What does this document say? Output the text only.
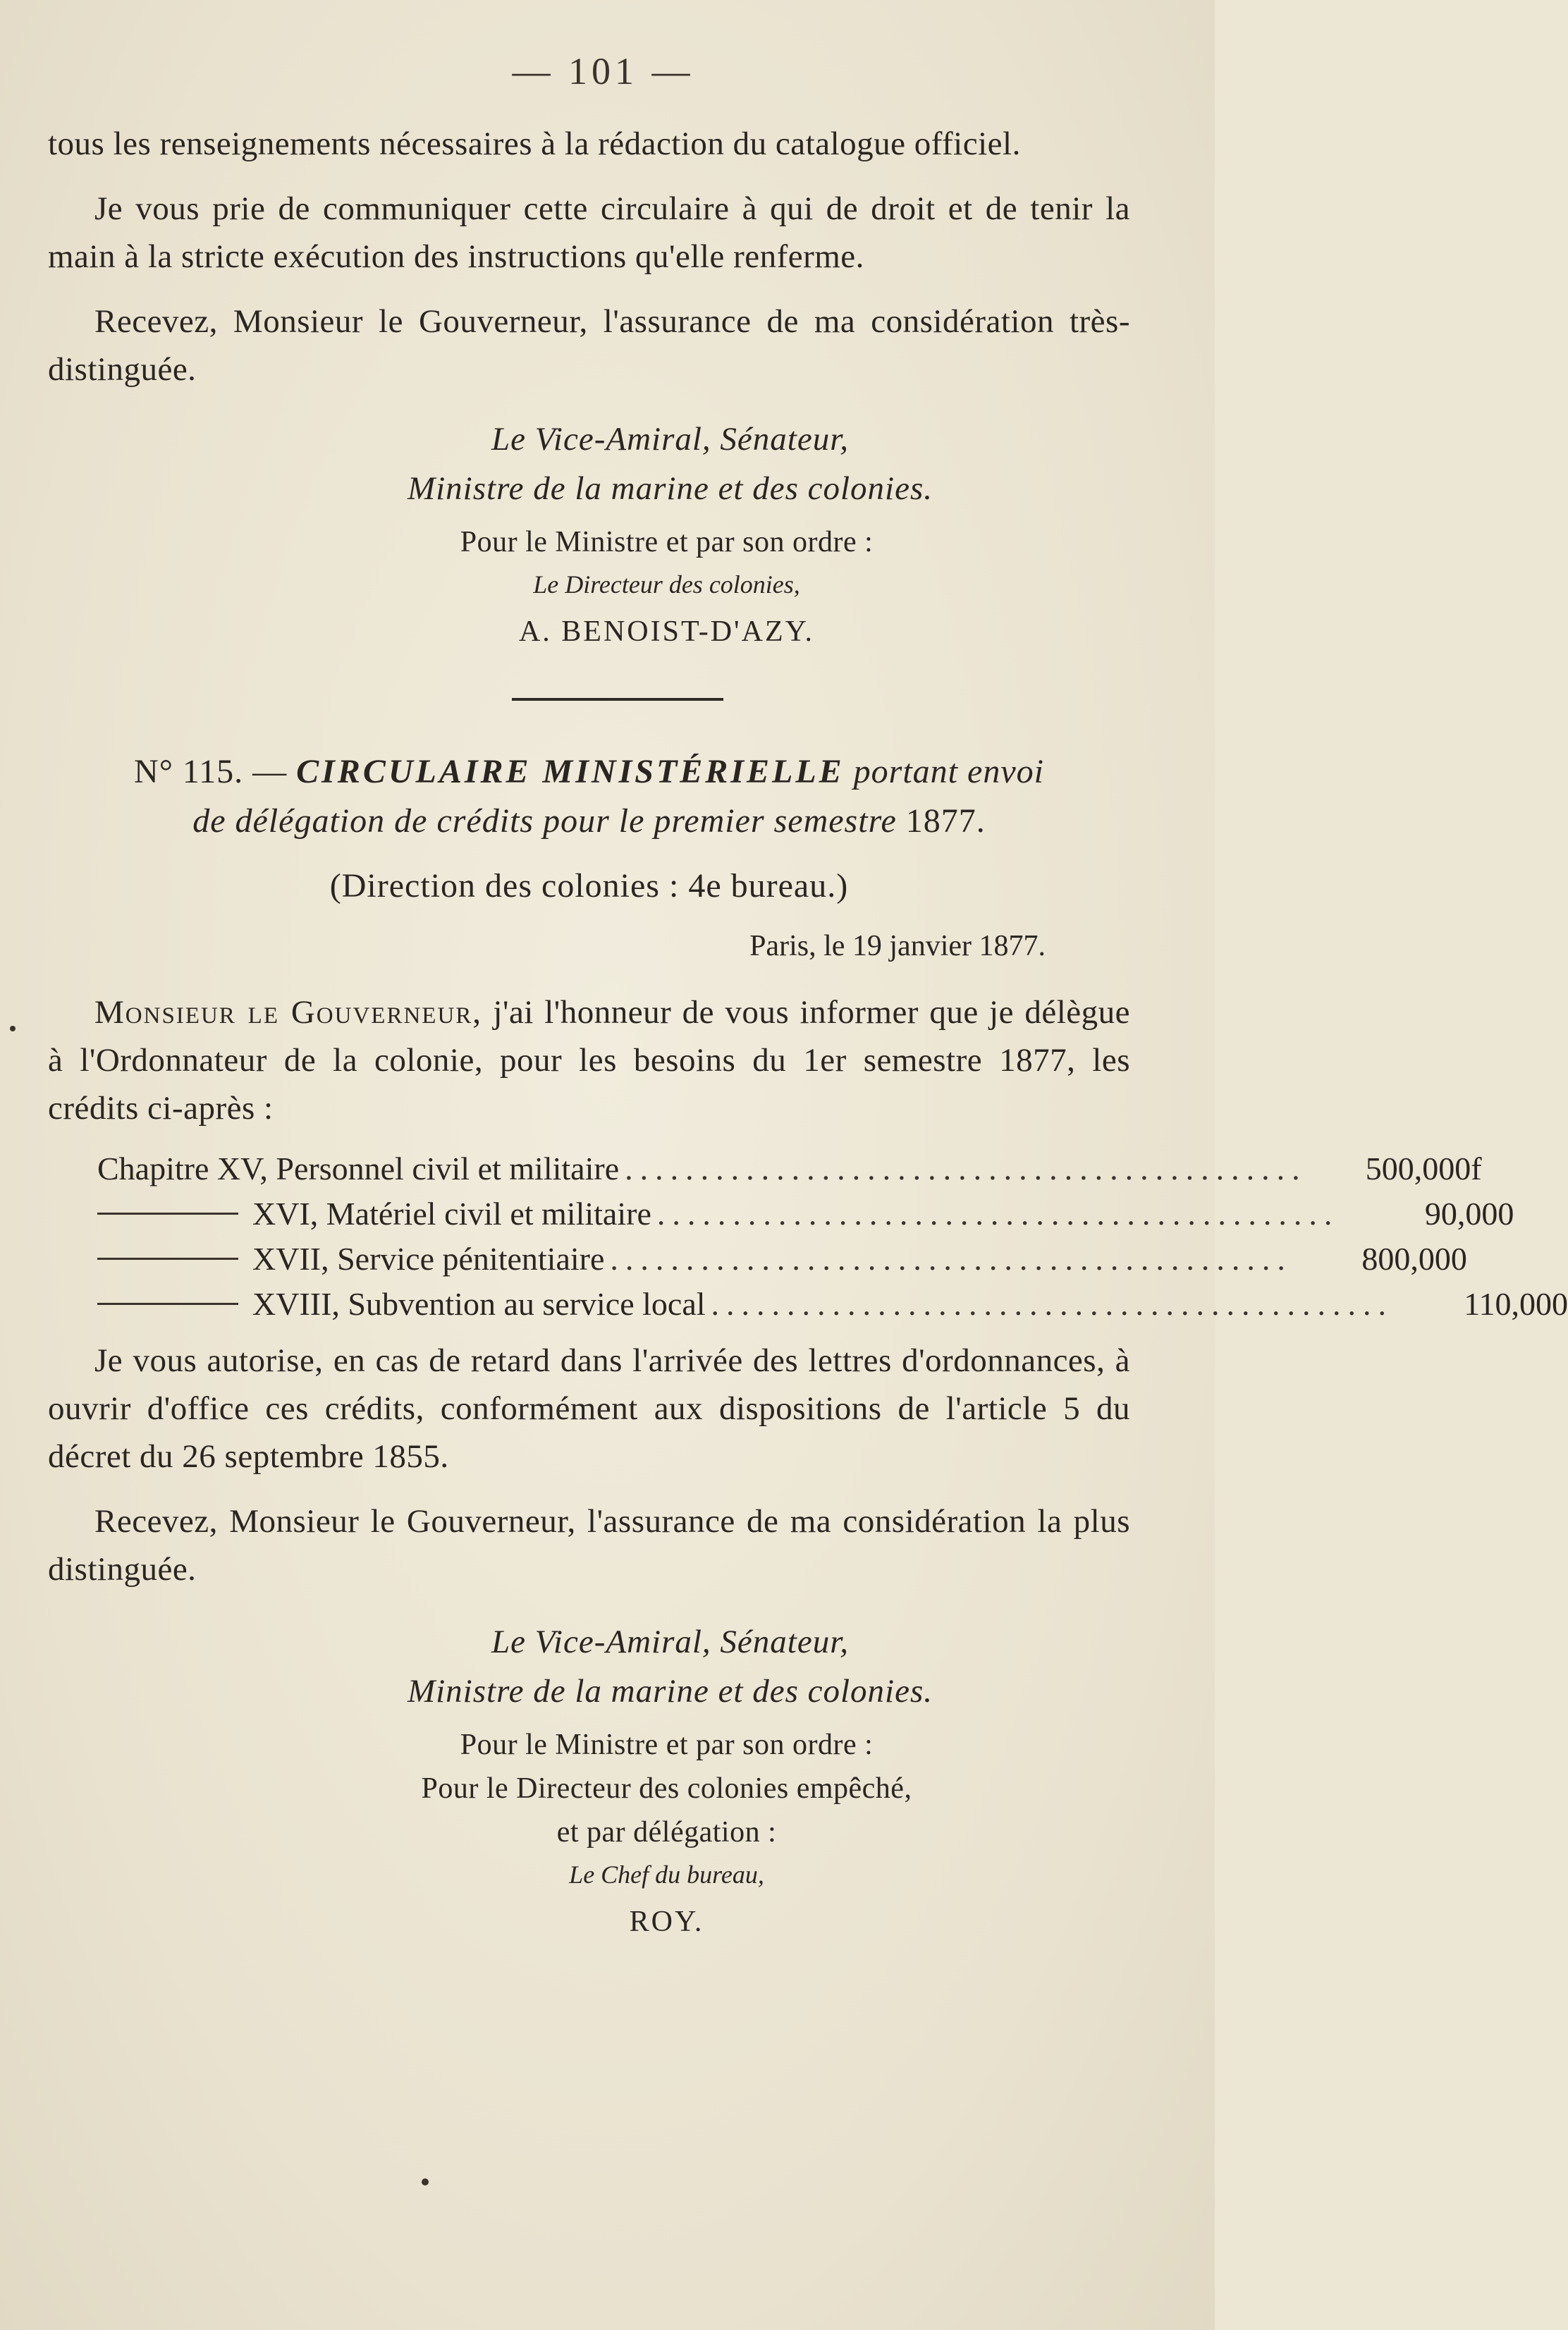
— 101 —

tous les renseignements nécessaires à la rédaction du catalogue officiel.

Je vous prie de communiquer cette circulaire à qui de droit et de tenir la main à la stricte exécution des instructions qu'elle renferme.

Recevez, Monsieur le Gouverneur, l'assurance de ma considération très-distinguée.

Le Vice-Amiral, Sénateur,
Ministre de la marine et des colonies.
Pour le Ministre et par son ordre :
Le Directeur des colonies,
A. BENOIST-D'AZY.
N° 115. — CIRCULAIRE MINISTÉRIELLE portant envoi
de délégation de crédits pour le premier semestre 1877.
(Direction des colonies : 4e bureau.)
Paris, le 19 janvier 1877.

Monsieur le Gouverneur, j'ai l'honneur de vous informer que je délègue à l'Ordonnateur de la colonie, pour les besoins du 1er semestre 1877, les crédits ci-après :

Chapitre XV, Personnel civil et militaire .............................................	500,000f
XVI, Matériel civil et militaire .............................................	90,000
XVII, Service pénitentiaire .............................................	800,000
XVIII, Subvention au service local .............................................	110,000

Je vous autorise, en cas de retard dans l'arrivée des lettres d'ordonnances, à ouvrir d'office ces crédits, conformément aux dispositions de l'article 5 du décret du 26 septembre 1855.

Recevez, Monsieur le Gouverneur, l'assurance de ma considération la plus distinguée.

Le Vice-Amiral, Sénateur,
Ministre de la marine et des colonies.
Pour le Ministre et par son ordre :
Pour le Directeur des colonies empêché,
et par délégation :
Le Chef du bureau,
ROY.
